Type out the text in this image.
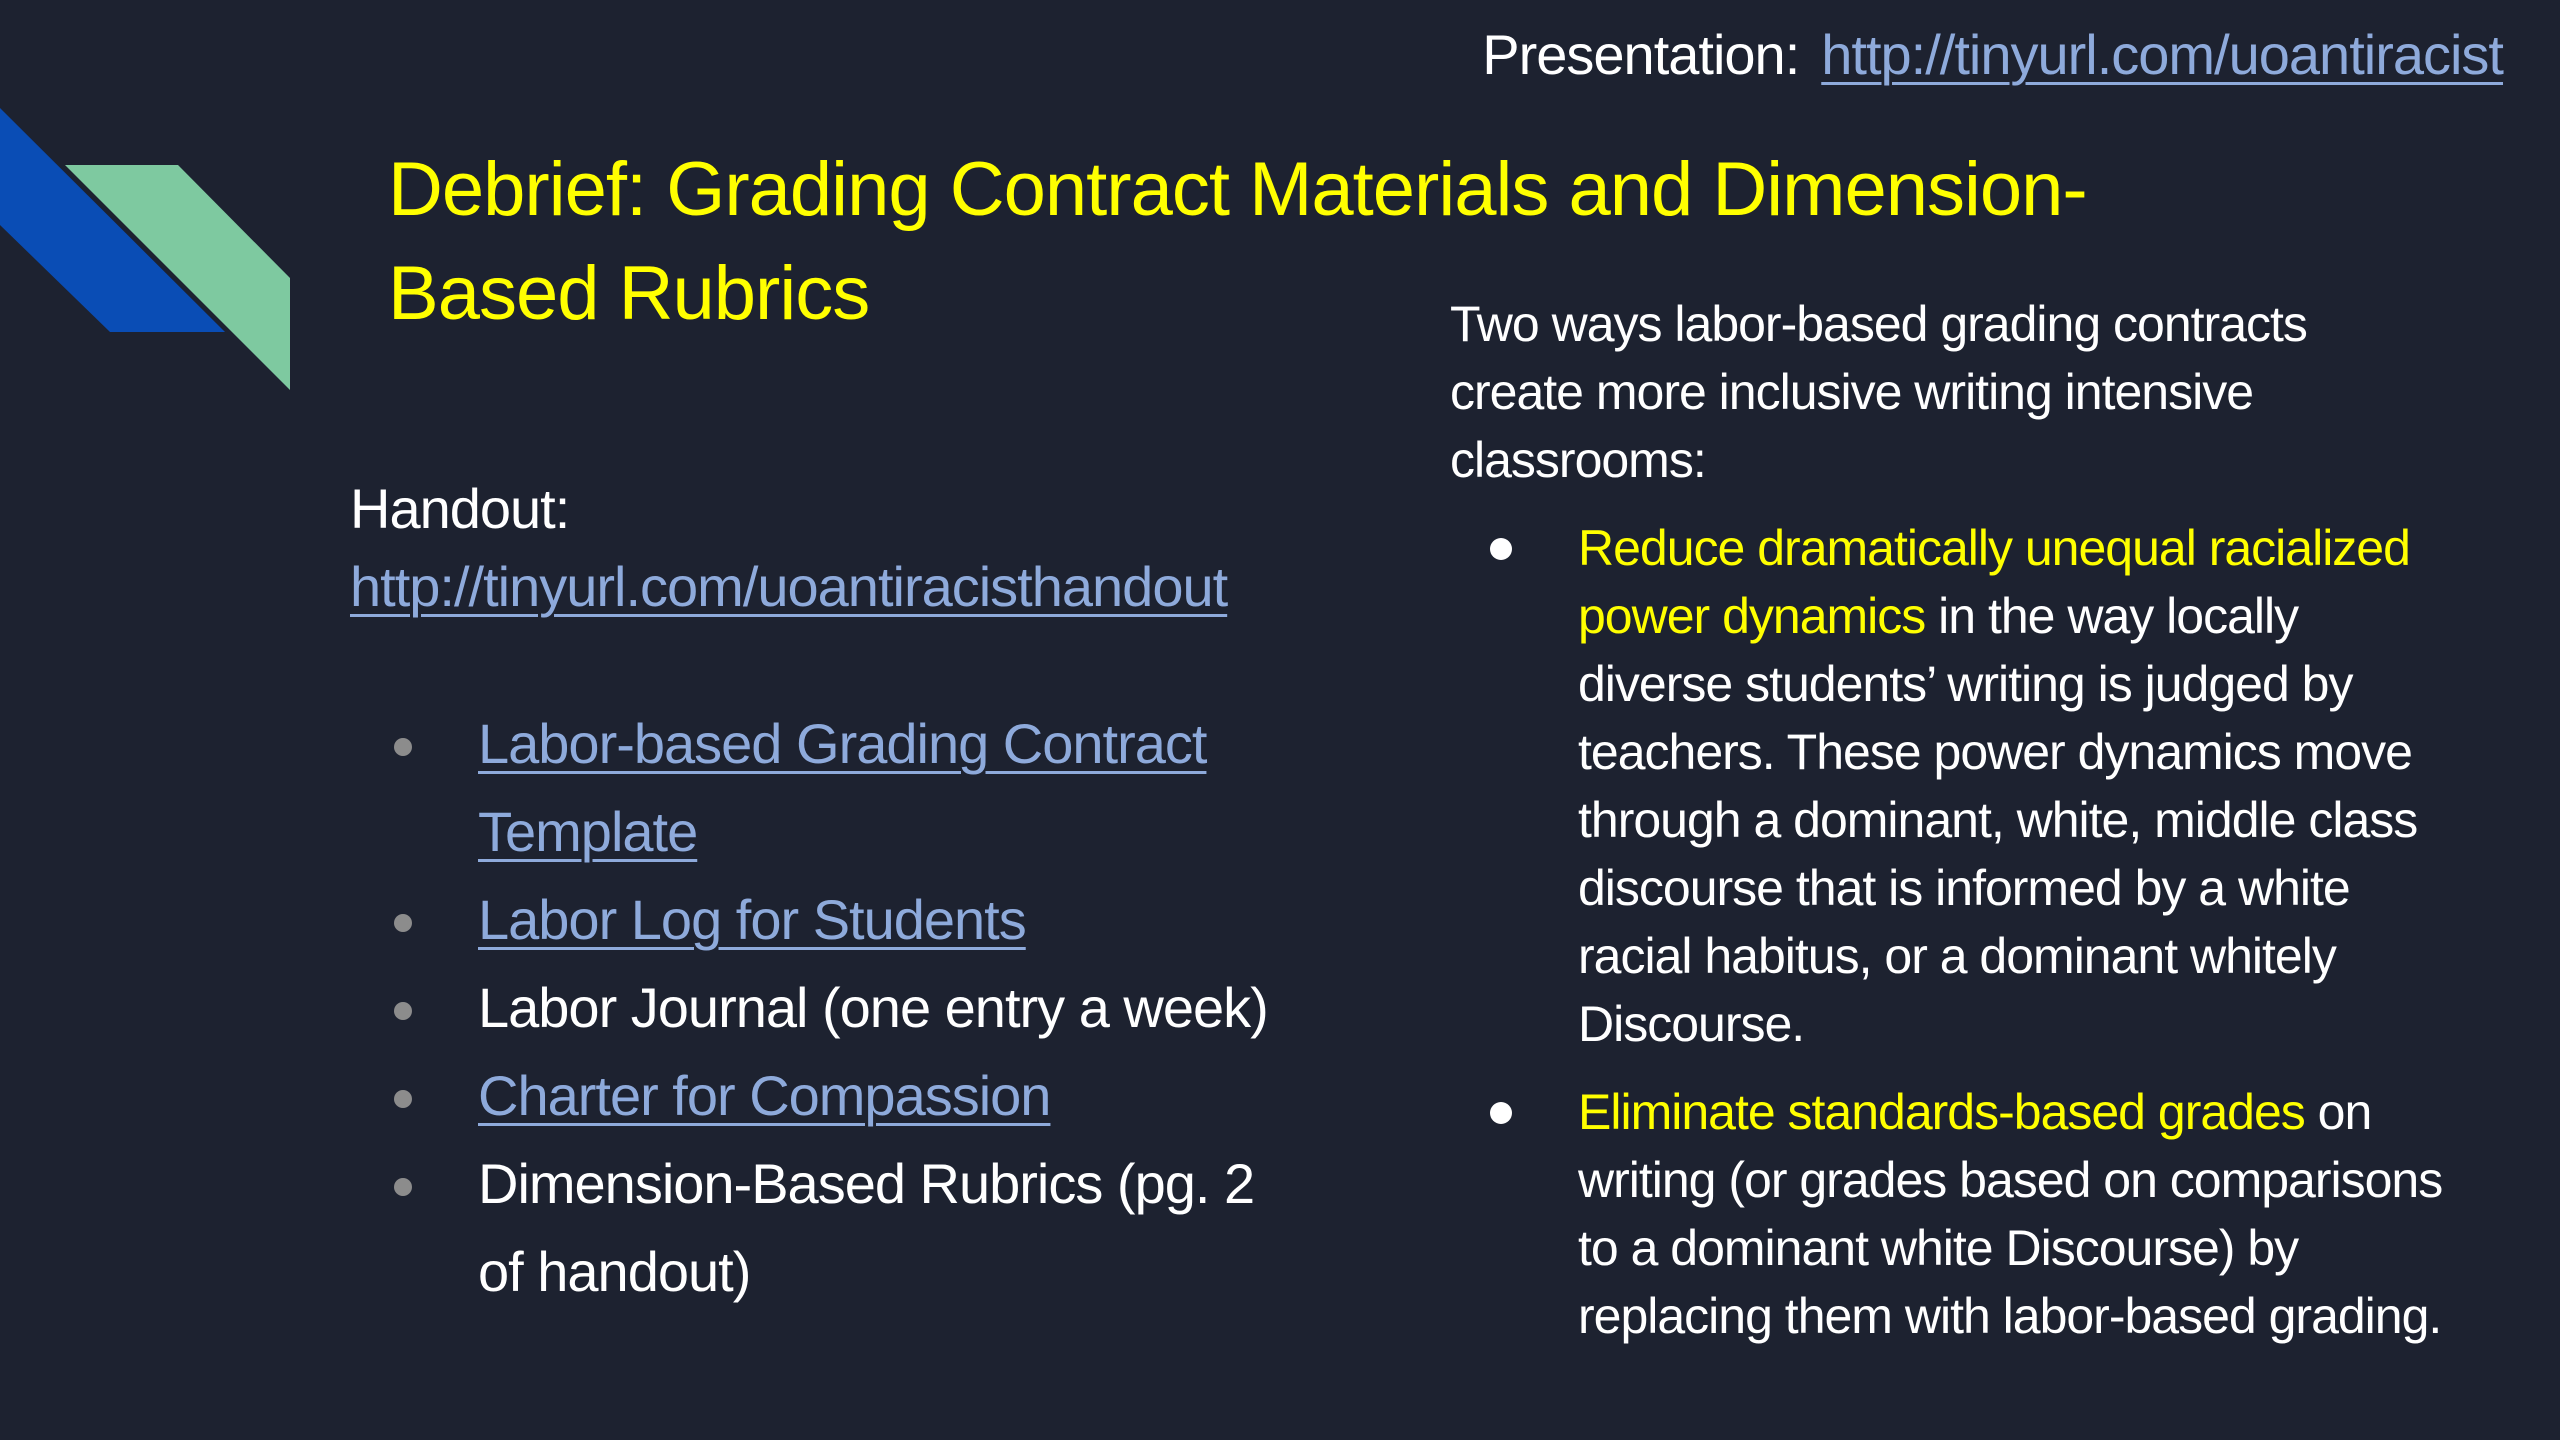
Presentation: http://tinyurl.com/uoantiracist
Debrief: Grading Contract Materials and Dimension-Based Rubrics
Handout:
http://tinyurl.com/uoantiracisthandout
Labor-based Grading Contract Template
Labor Log for Students
Labor Journal (one entry a week)
Charter for Compassion
Dimension-Based Rubrics (pg. 2 of handout)

Two ways labor-based grading contracts create more inclusive writing intensive classrooms:

Reduce dramatically unequal racialized power dynamics in the way locally diverse students’ writing is judged by teachers. These power dynamics move through a dominant, white, middle class discourse that is informed by a white racial habitus, or a dominant whitely Discourse.
Eliminate standards-based grades on writing (or grades based on comparisons to a dominant white Discourse) by replacing them with labor-based grading.
